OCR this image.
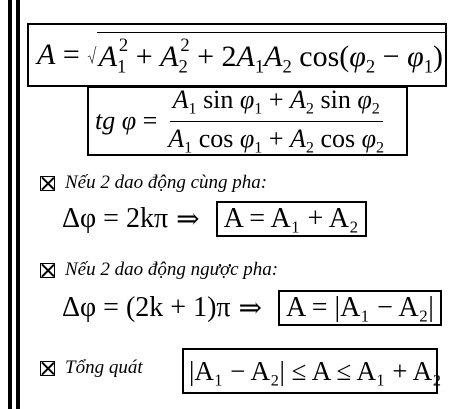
$A = A_1^2 + A_2^2 + 2A_1A_2$ $\cos(\varphi_2 - \varphi_1)$
tg $\varphi = \frac{A_1 \sin \varphi_1 + A_2 \sin \varphi_2}{A_1 \cos \varphi_1 + A_2 \cos \varphi_2}$
Nếu 2 dao động cùng pha:
Δφ = 2kπ ⇒ A = A₁ + A₂
Nếu 2 dao động ngược pha:
Δφ = (2k + 1)π ⇒ A = |A₁ − A₂|
Tổng quát |A₁ − A₂| ≤ A ≤ A₁ + A₂
